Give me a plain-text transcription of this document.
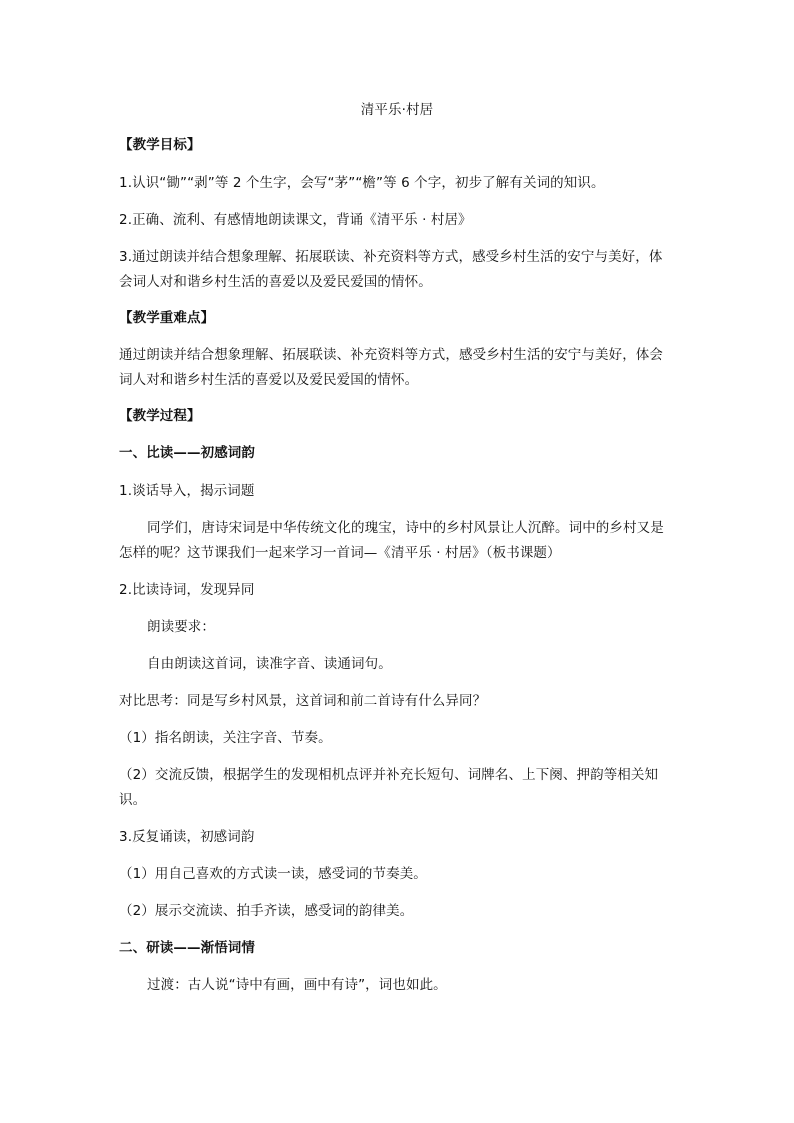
清平乐·村居
【教学目标】
1.认识“锄”“剥”等 2 个生字，会写“茅”“檐”等 6 个字，初步了解有关词的知识。
2.正确、流利、有感情地朗读课文，背诵《清平乐 · 村居》
3.通过朗读并结合想象理解、拓展联读、补充资料等方式，感受乡村生活的安宁与美好，体
会词人对和谐乡村生活的喜爱以及爱民爱国的情怀。
【教学重难点】
通过朗读并结合想象理解、拓展联读、补充资料等方式，感受乡村生活的安宁与美好，体会
词人对和谐乡村生活的喜爱以及爱民爱国的情怀。
【教学过程】
一、比读——初感词韵
1.谈话导入，揭示词题
同学们，唐诗宋词是中华传统文化的瑰宝，诗中的乡村风景让人沉醉。词中的乡村又是
怎样的呢？这节课我们一起来学习一首词—《清平乐 · 村居》（板书课题）
2.比读诗词，发现异同
朗读要求：
自由朗读这首词，读准字音、读通词句。
对比思考：同是写乡村风景，这首词和前二首诗有什么异同？
（1）指名朗读，关注字音、节奏。
（2）交流反馈，根据学生的发现相机点评并补充长短句、词牌名、上下阕、押韵等相关知
识。
3.反复诵读，初感词韵
（1）用自己喜欢的方式读一读，感受词的节奏美。
（2）展示交流读、拍手齐读，感受词的韵律美。
二、研读——渐悟词情
过渡：古人说“诗中有画，画中有诗”，词也如此。
